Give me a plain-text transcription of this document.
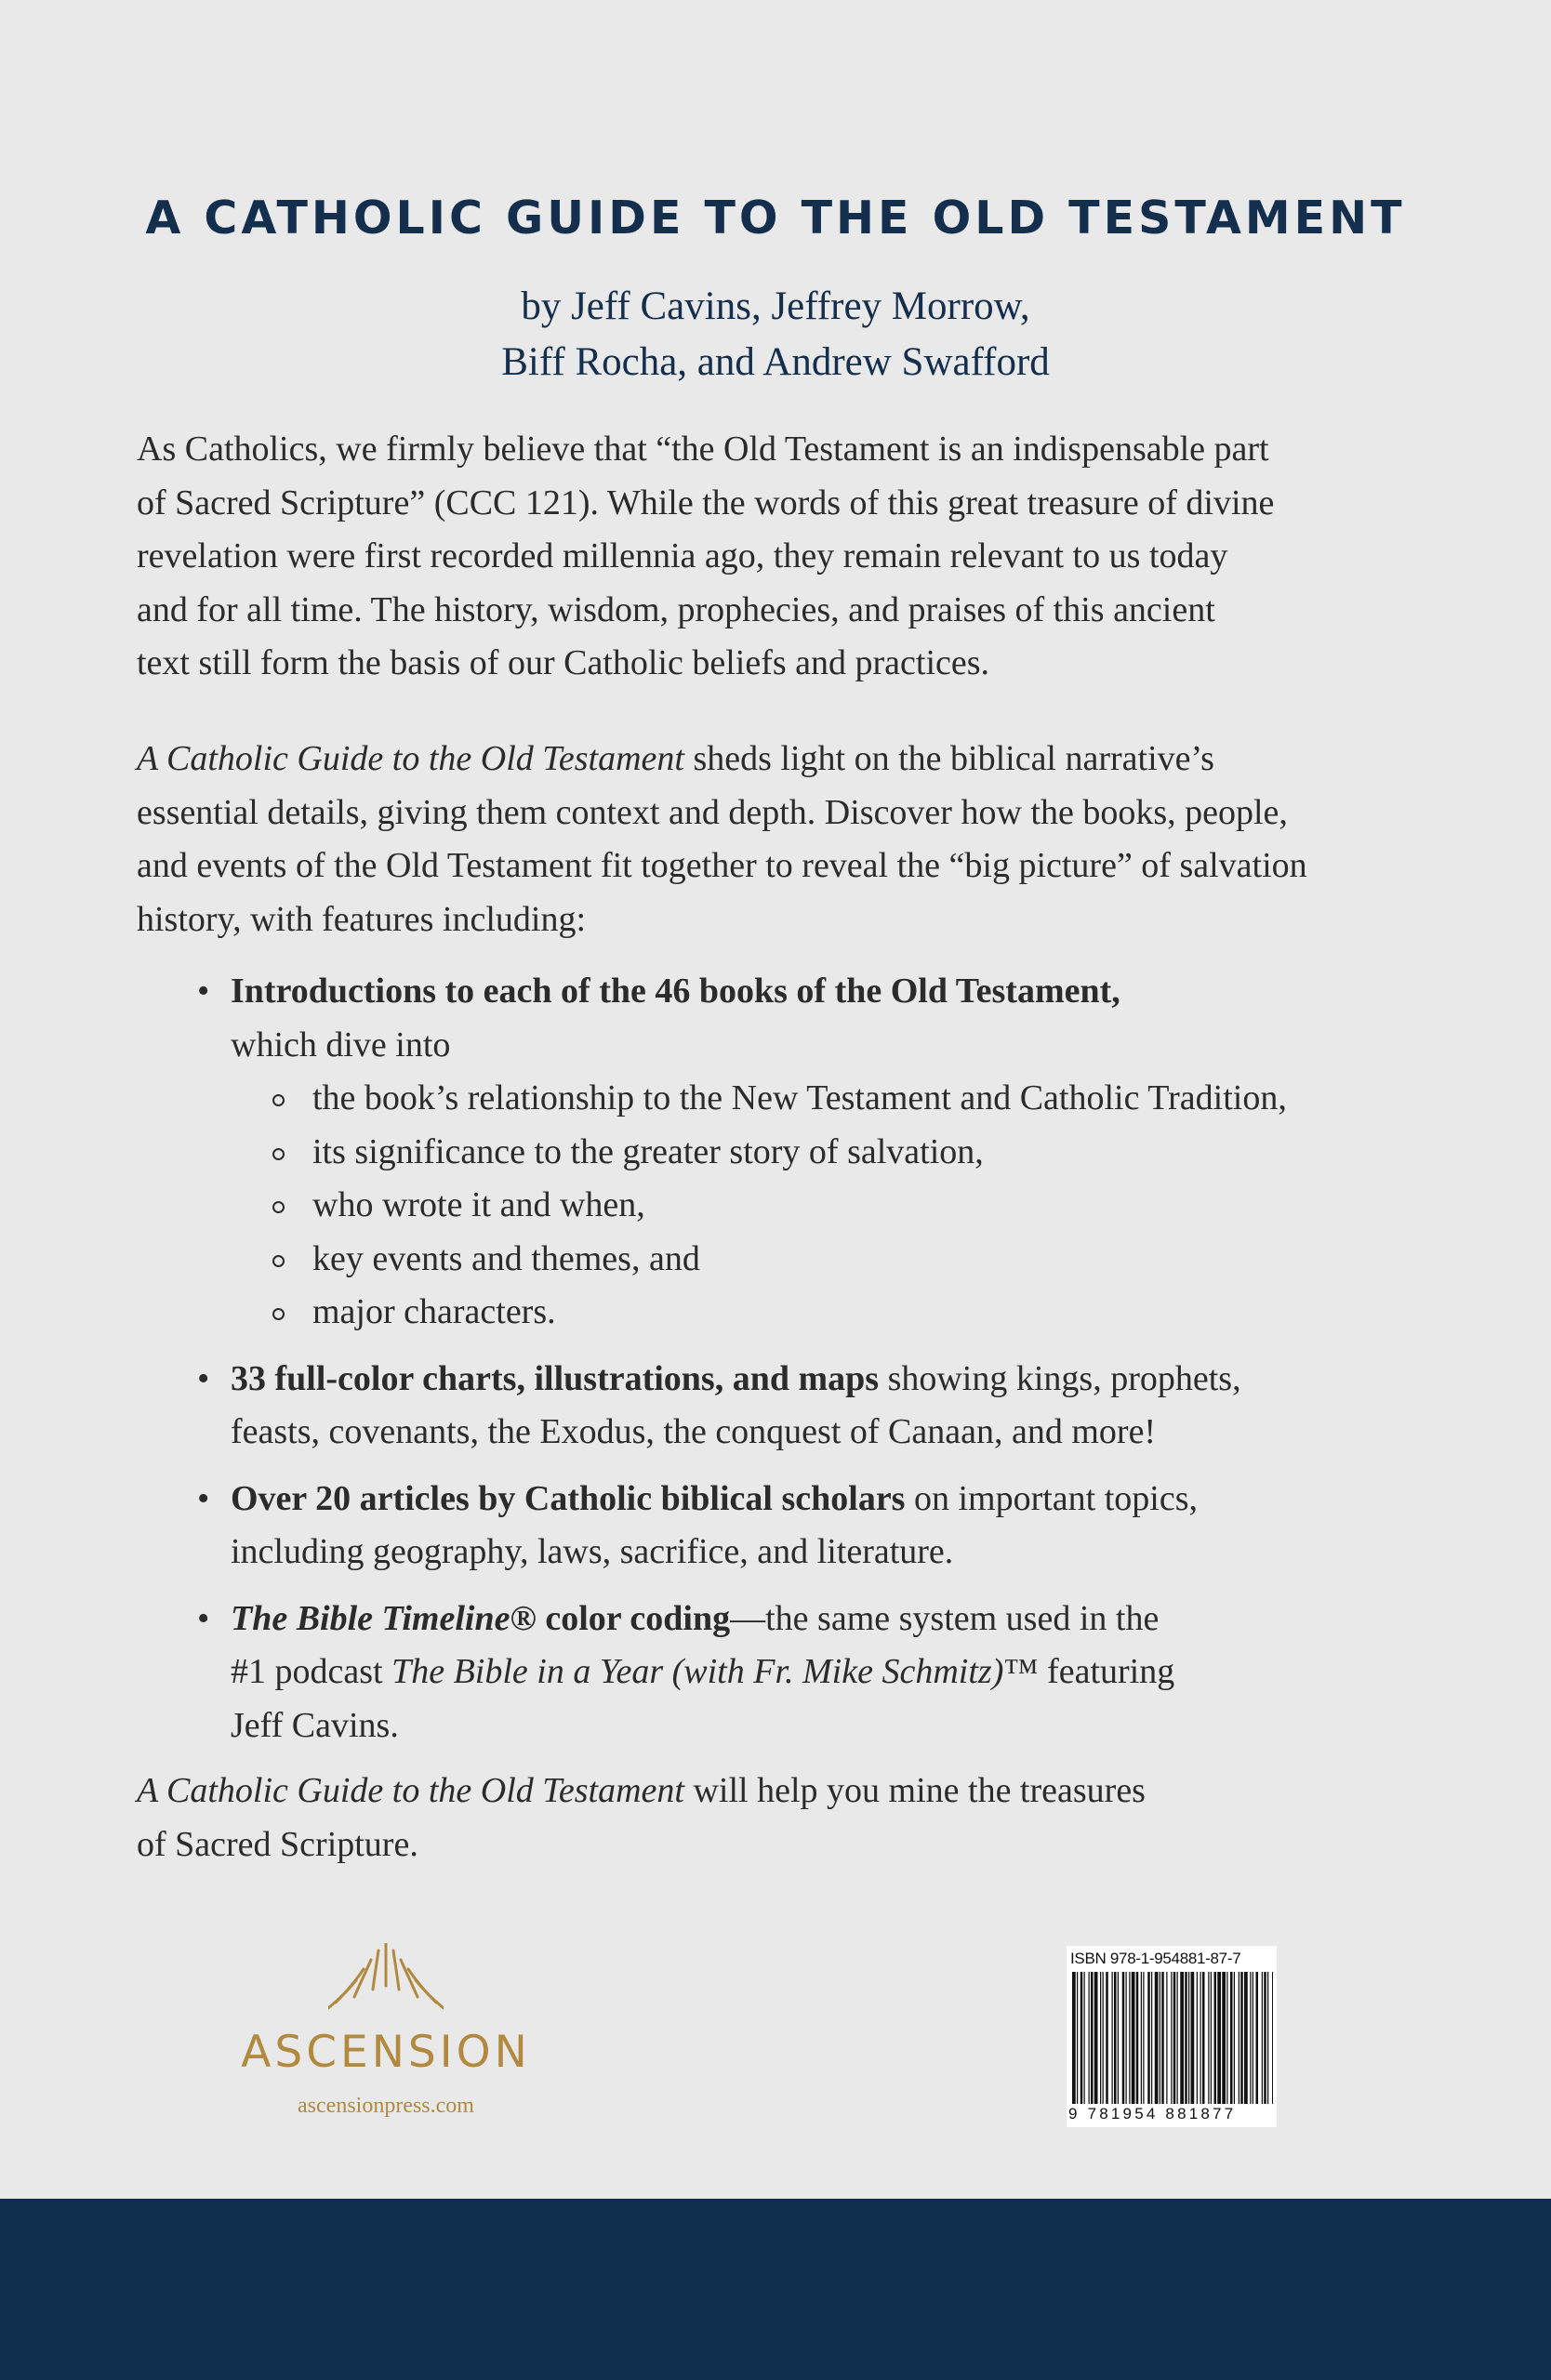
A CATHOLIC GUIDE TO THE OLD TESTAMENT
by Jeff Cavins, Jeffrey Morrow,
Biff Rocha, and Andrew Swafford
As Catholics, we firmly believe that “the Old Testament is an indispensable part
of Sacred Scripture” (CCC 121). While the words of this great treasure of divine
revelation were first recorded millennia ago, they remain relevant to us today
and for all time. The history, wisdom, prophecies, and praises of this ancient
text still form the basis of our Catholic beliefs and practices.
A Catholic Guide to the Old Testament sheds light on the biblical narrative’s
essential details, giving them context and depth. Discover how the books, people,
and events of the Old Testament fit together to reveal the “big picture” of salvation
history, with features including:
• Introductions to each of the 46 books of the Old Testament,
which dive into
the book’s relationship to the New Testament and Catholic Tradition,
its significance to the greater story of salvation,
who wrote it and when,
key events and themes, and
major characters.
• 33 full-color charts, illustrations, and maps showing kings, prophets,
feasts, covenants, the Exodus, the conquest of Canaan, and more!
• Over 20 articles by Catholic biblical scholars on important topics,
including geography, laws, sacrifice, and literature.
• The Bible Timeline® color coding—the same system used in the
#1 podcast The Bible in a Year (with Fr. Mike Schmitz)™ featuring
Jeff Cavins.
A Catholic Guide to the Old Testament will help you mine the treasures
of Sacred Scripture.
ASCENSION
ascensionpress.com
ISBN 978-1-954881-87-7
9 781954 881877
